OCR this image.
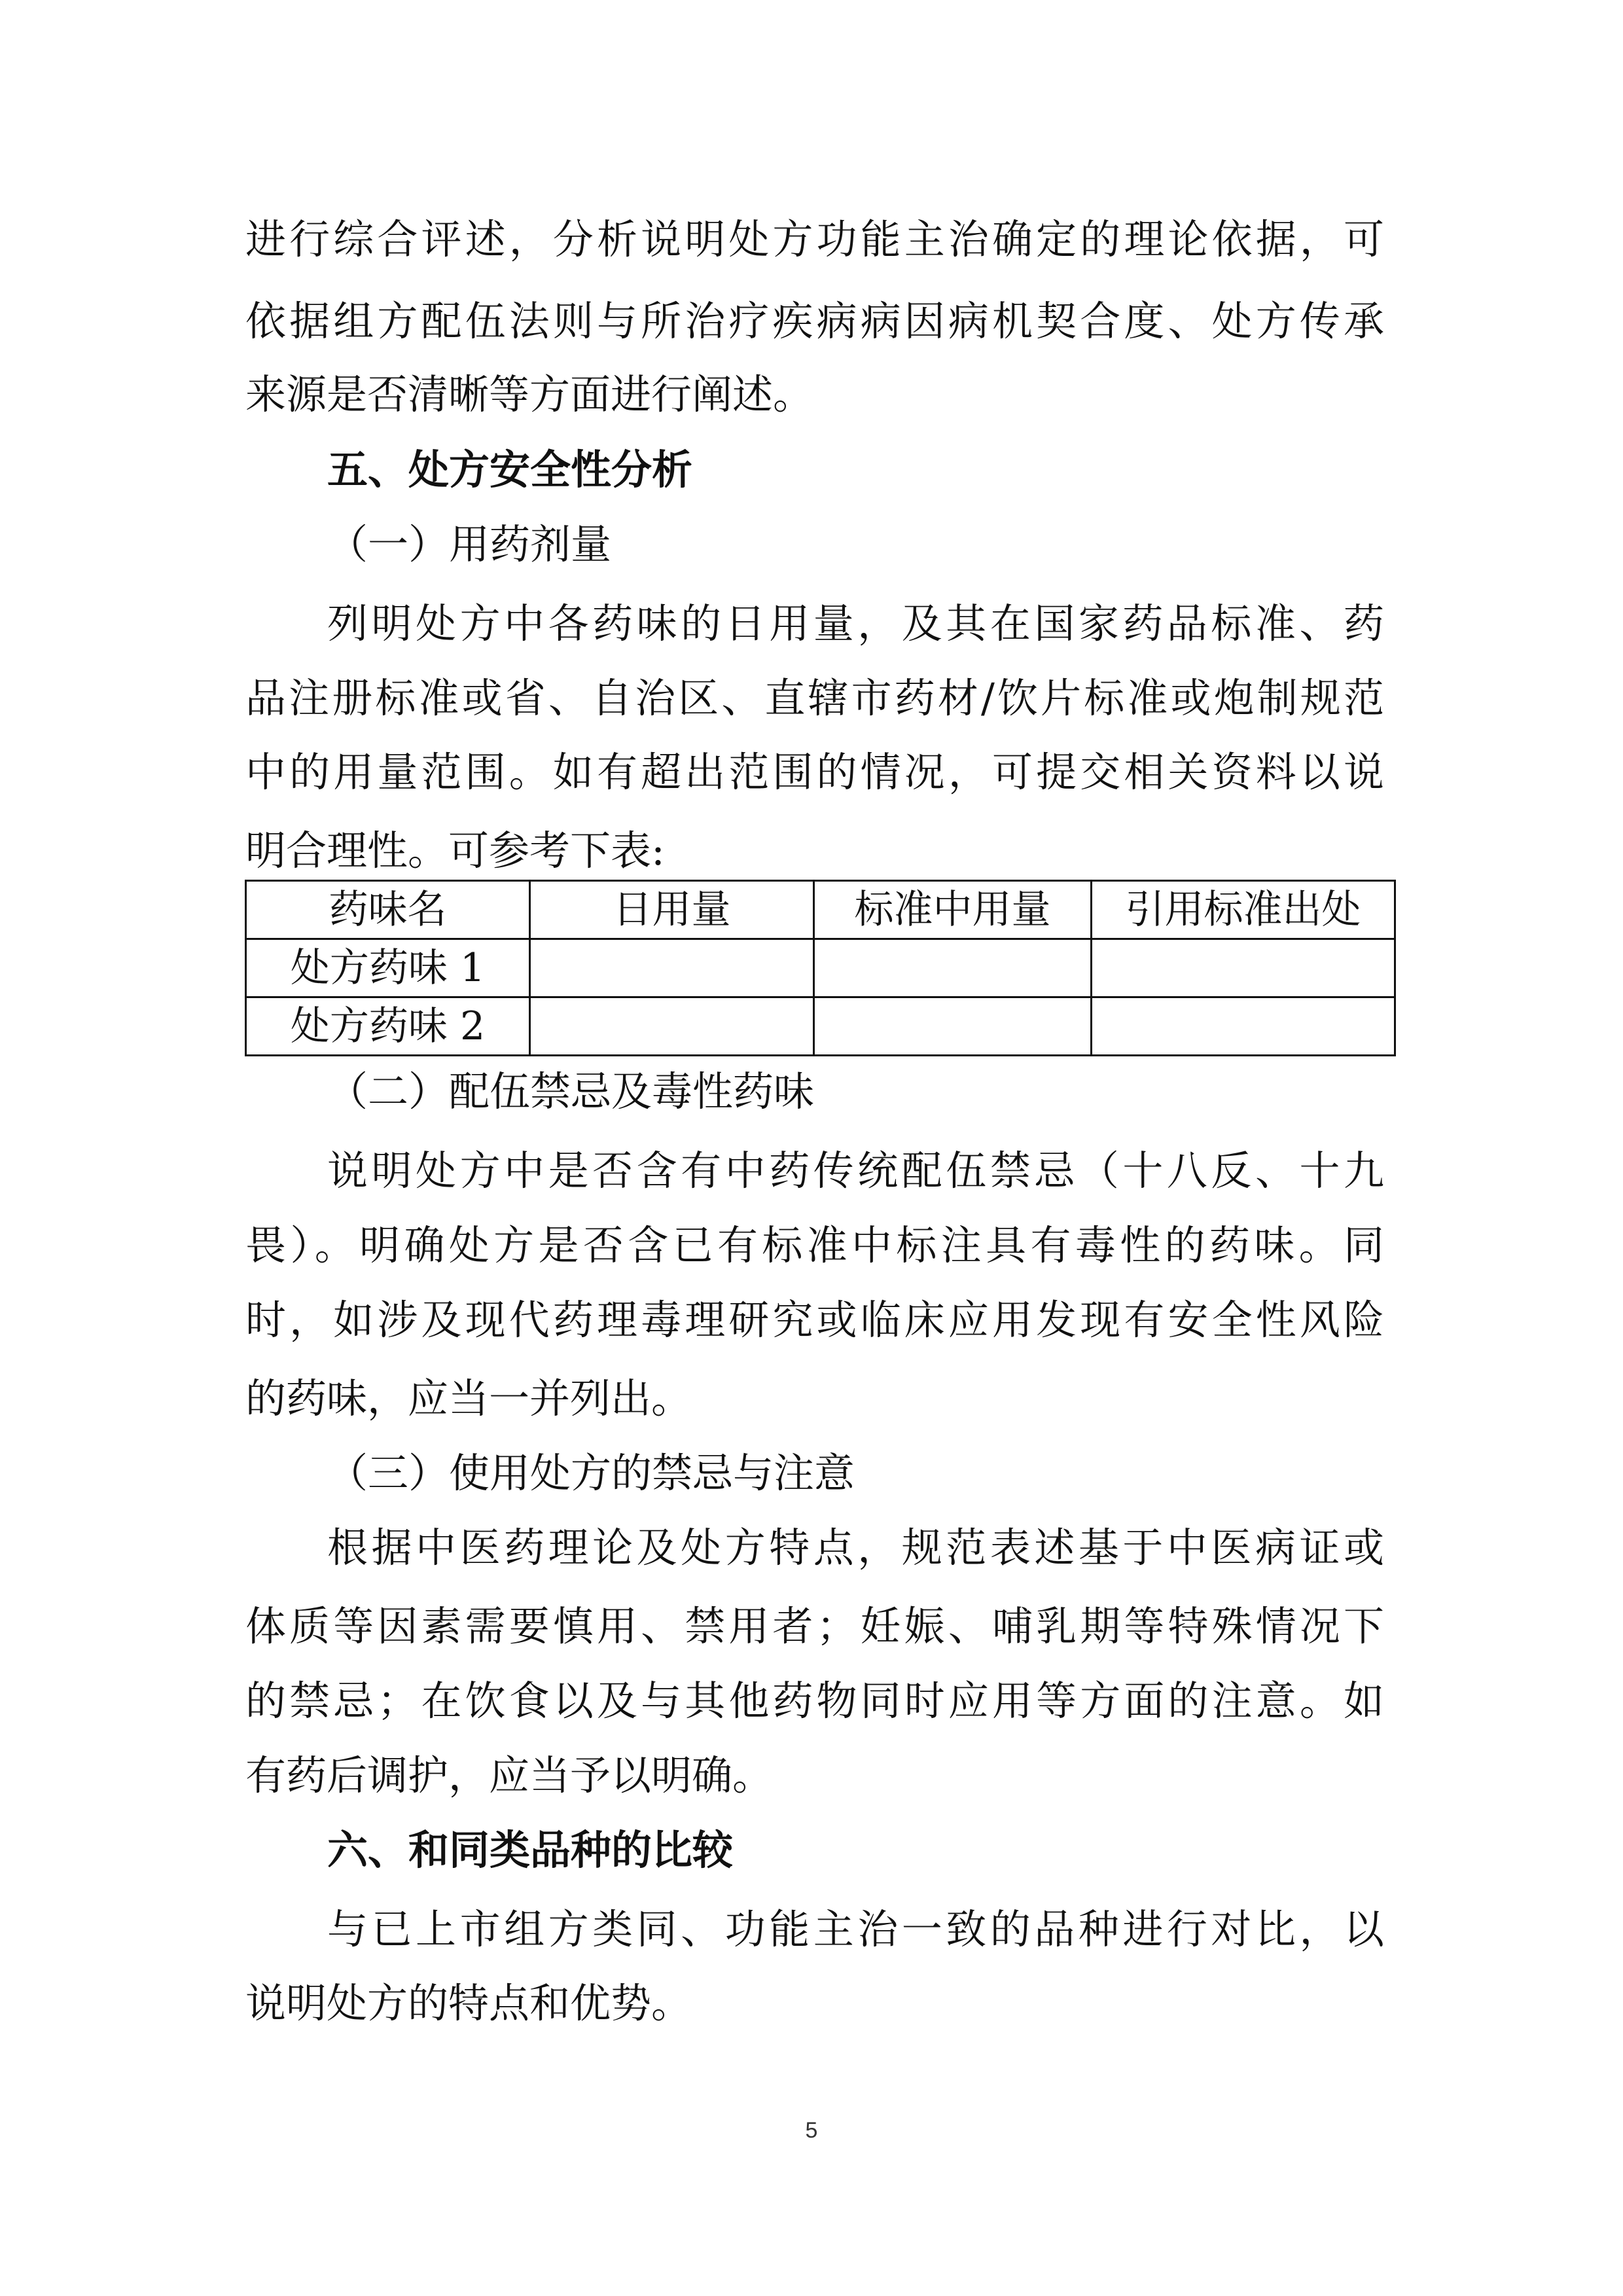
进行综合评述，分析说明处方功能主治确定的理论依据，可

依据组方配伍法则与所治疗疾病病因病机契合度、处方传承

来源是否清晰等方面进行阐述。

五、处方安全性分析
（一）用药剂量

列明处方中各药味的日用量，及其在国家药品标准、药

品注册标准或省、自治区、直辖市药材/饮片标准或炮制规范

中的用量范围。如有超出范围的情况，可提交相关资料以说

明合理性。可参考下表:

药味名	日用量	标准中用量	引用标准出处
处方药味 1			
处方药味 2			
（二）配伍禁忌及毒性药味

说明处方中是否含有中药传统配伍禁忌（十八反、十九

畏）。明确处方是否含已有标准中标注具有毒性的药味。同

时，如涉及现代药理毒理研究或临床应用发现有安全性风险

的药味，应当一并列出。

（三）使用处方的禁忌与注意

根据中医药理论及处方特点，规范表述基于中医病证或

体质等因素需要慎用、禁用者；妊娠、哺乳期等特殊情况下

的禁忌；在饮食以及与其他药物同时应用等方面的注意。如

有药后调护，应当予以明确。

六、和同类品种的比较

与已上市组方类同、功能主治一致的品种进行对比，以

说明处方的特点和优势。

5
